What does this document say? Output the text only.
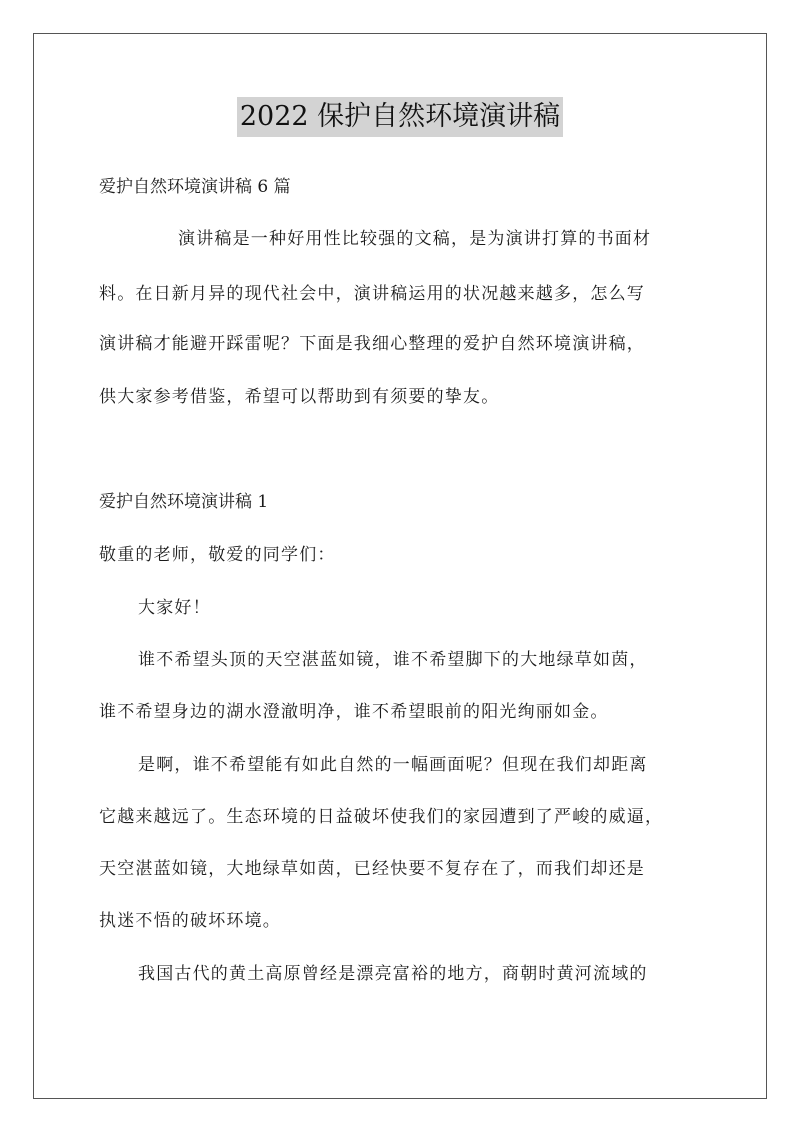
2022 保护自然环境演讲稿
爱护自然环境演讲稿 6 篇
演讲稿是一种好用性比较强的文稿，是为演讲打算的书面材
料。在日新月异的现代社会中，演讲稿运用的状况越来越多，怎么写
演讲稿才能避开踩雷呢？下面是我细心整理的爱护自然环境演讲稿，
供大家参考借鉴，希望可以帮助到有须要的挚友。
爱护自然环境演讲稿 1
敬重的老师，敬爱的同学们：
大家好！
谁不希望头顶的天空湛蓝如镜，谁不希望脚下的大地绿草如茵，
谁不希望身边的湖水澄澈明净，谁不希望眼前的阳光绚丽如金。
是啊，谁不希望能有如此自然的一幅画面呢？但现在我们却距离
它越来越远了。生态环境的日益破坏使我们的家园遭到了严峻的威逼，
天空湛蓝如镜，大地绿草如茵，已经快要不复存在了，而我们却还是
执迷不悟的破坏环境。
我国古代的黄土高原曾经是漂亮富裕的地方，商朝时黄河流域的
